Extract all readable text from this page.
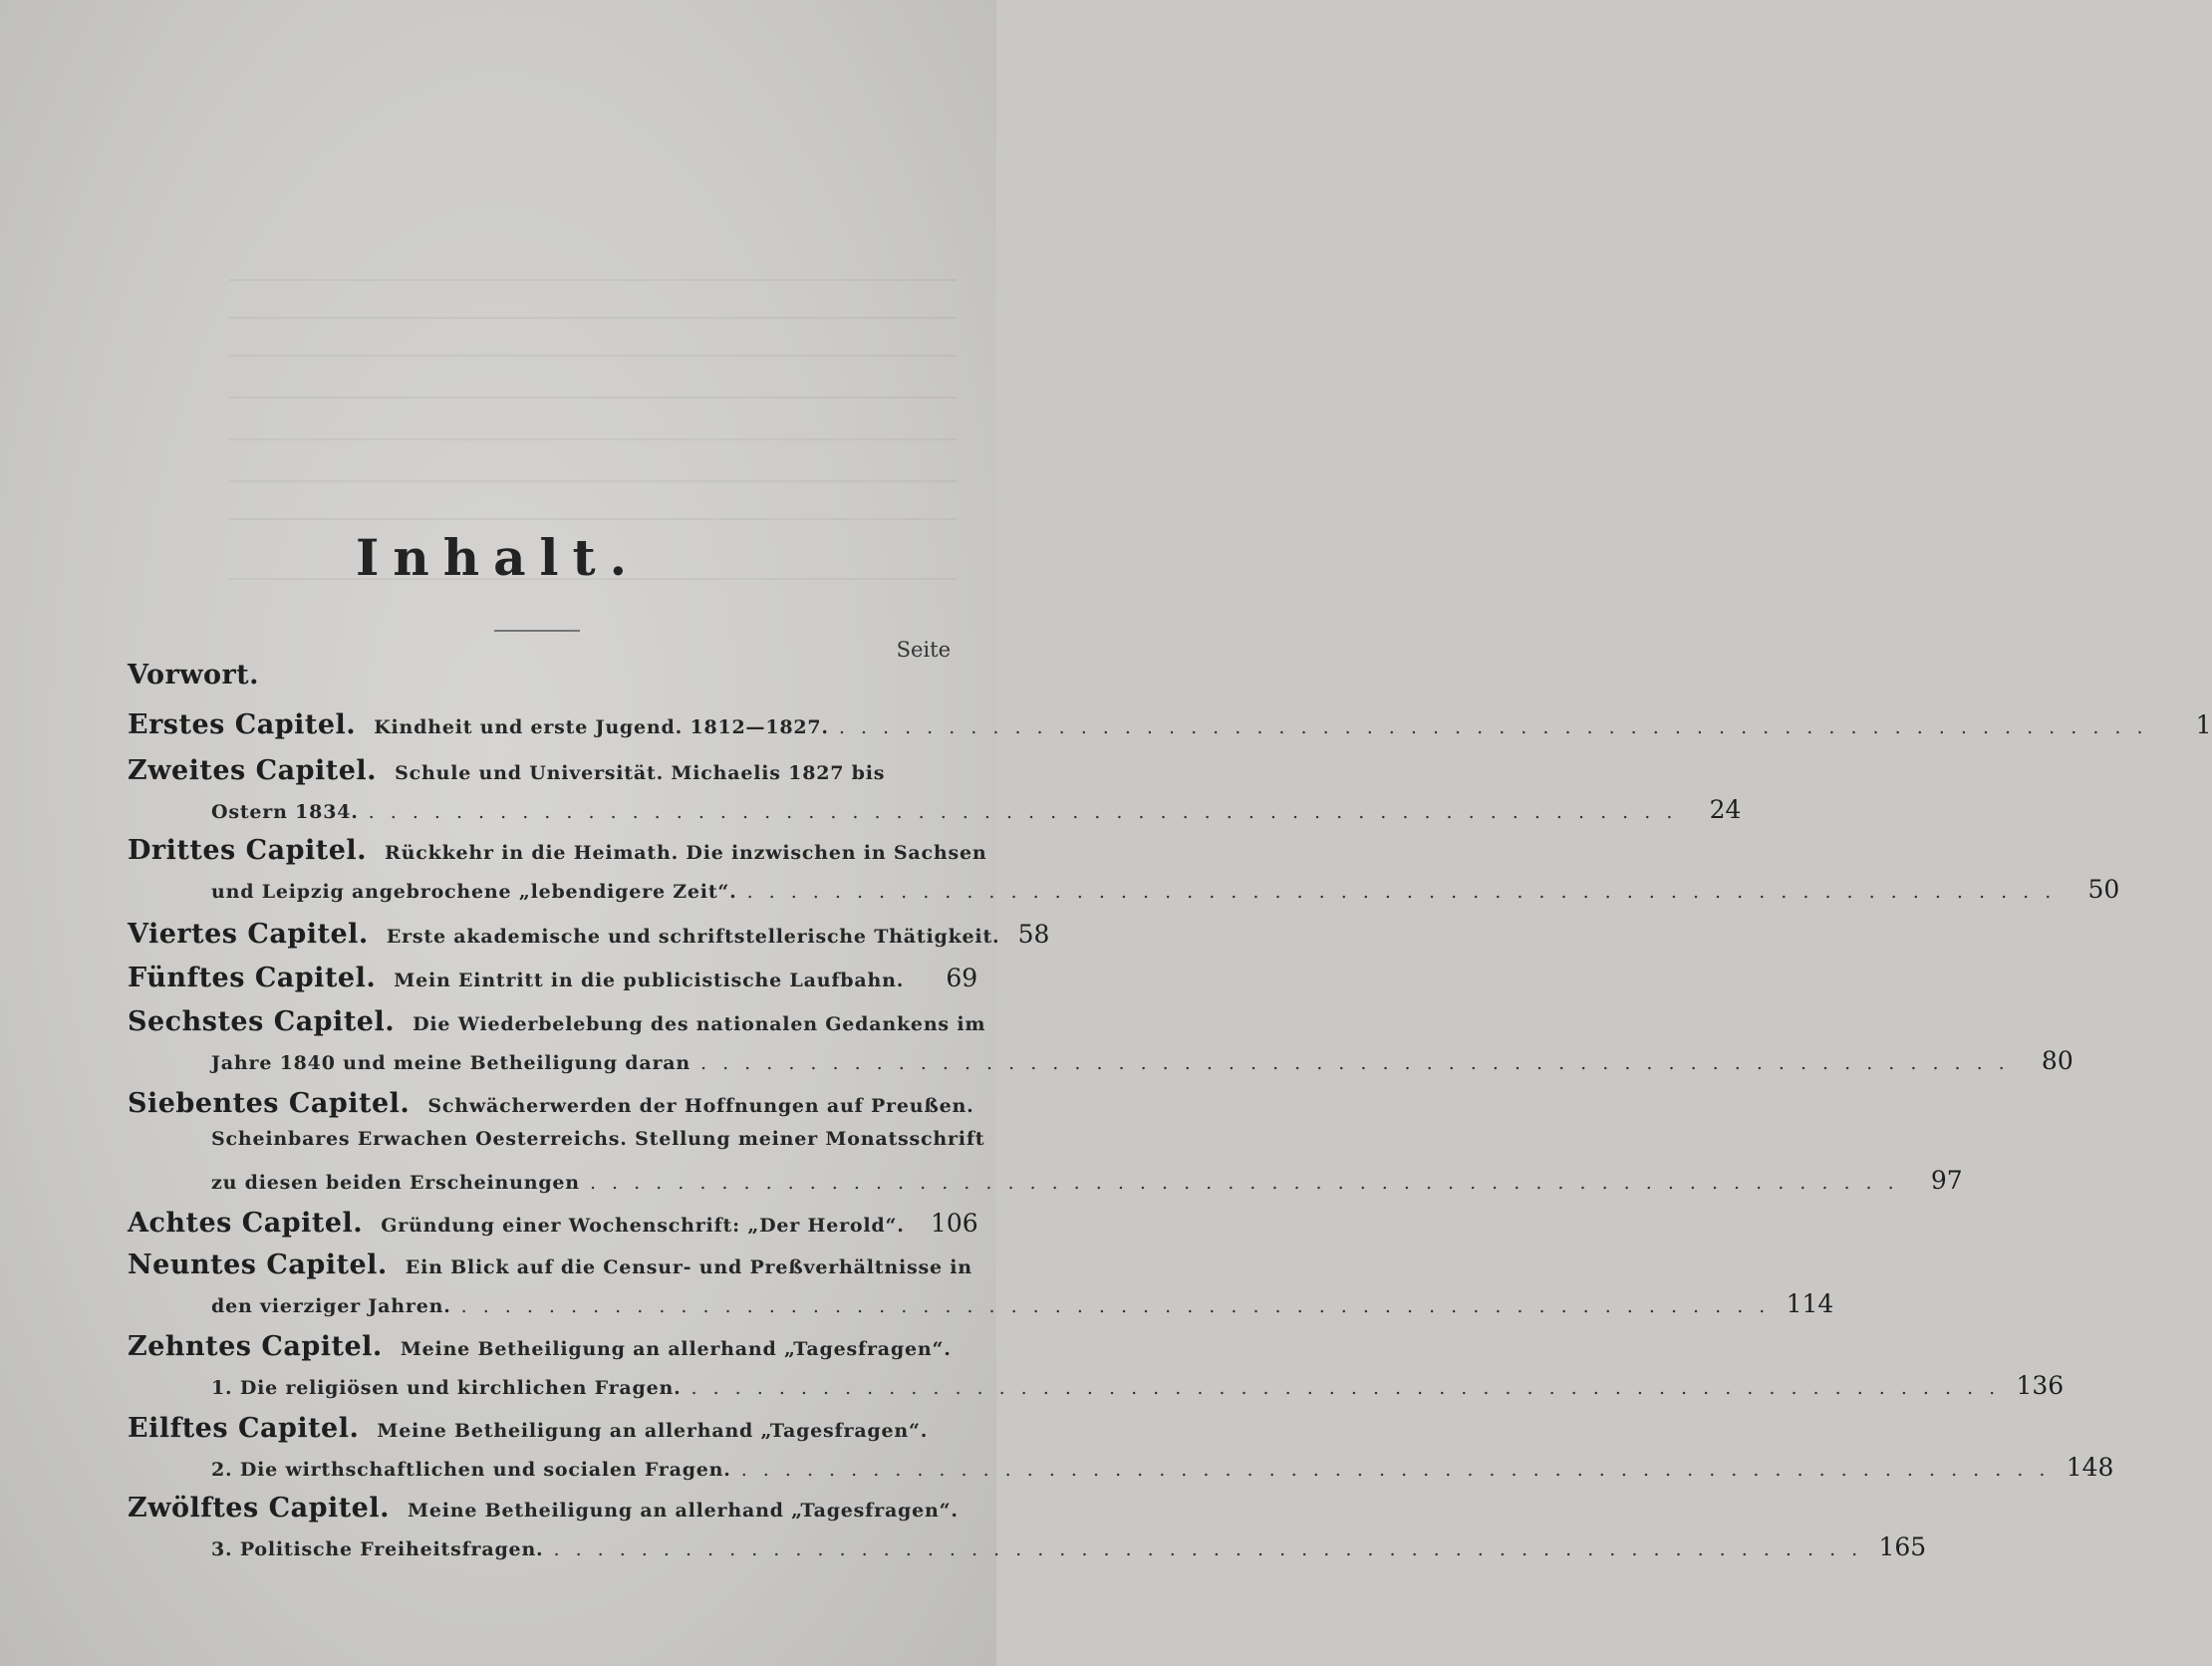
Inhalt.
Seite
Vorwort.
Erstes Capitel. Kindheit und erste Jugend. 1812—1827. . . .	1
Zweites Capitel. Schule und Universität. Michaelis 1827 bis
Ostern 1834. . . .	24
Drittes Capitel. Rückkehr in die Heimath. Die inzwischen in Sachsen
und Leipzig angebrochene „lebendigere Zeit“. . . .	50
Viertes Capitel. Erste akademische und schriftstellerische Thätigkeit. 58
Fünftes Capitel. Mein Eintritt in die publicistische Laufbahn.	69
Sechstes Capitel. Die Wiederbelebung des nationalen Gedankens im
Jahre 1840 und meine Betheiligung daran . . .	80
Siebentes Capitel. Schwächerwerden der Hoffnungen auf Preußen.
Scheinbares Erwachen Oesterreichs. Stellung meiner Monatsschrift
zu diesen beiden Erscheinungen . . .	97
Achtes Capitel. Gründung einer Wochenschrift: „Der Herold“. 106
Neuntes Capitel. Ein Blick auf die Censur- und Preßverhältnisse in
den vierziger Jahren. . . .	114
Zehntes Capitel. Meine Betheiligung an allerhand „Tagesfragen“.
1. Die religiösen und kirchlichen Fragen. . . .	136
Eilftes Capitel. Meine Betheiligung an allerhand „Tagesfragen“.
2. Die wirthschaftlichen und socialen Fragen. . . .	148
Zwölftes Capitel. Meine Betheiligung an allerhand „Tagesfragen“.
3. Politische Freiheitsfragen. . . .	165
